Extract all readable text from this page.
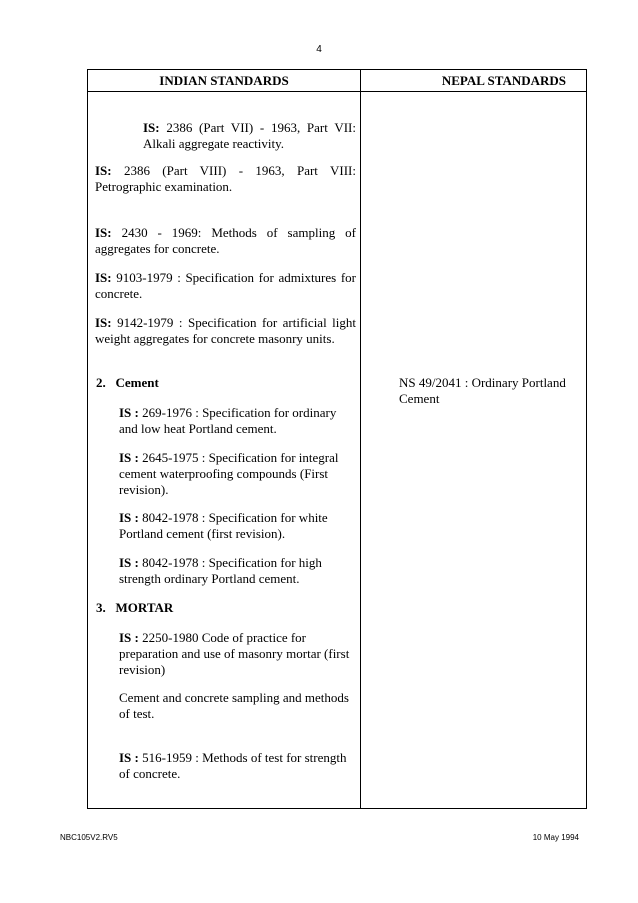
4
INDIAN STANDARDS	NEPAL STANDARDS
IS: 2386 (Part VII) - 1963, Part VII: Alkali aggregate reactivity.
IS: 2386 (Part VIII) - 1963, Part VIII: Petrographic examination.
IS: 2430 - 1969: Methods of sampling of aggregates for concrete.
IS: 9103-1979 : Specification for admixtures for concrete.
IS: 9142-1979 : Specification for artificial light weight aggregates for concrete masonry units.
2. Cement
IS : 269-1976 : Specification for ordinary and low heat Portland cement.
IS : 2645-1975 : Specification for integral cement waterproofing compounds (First revision).
IS : 8042-1978 : Specification for white Portland cement (first revision).
IS : 8042-1978 : Specification for high strength ordinary Portland cement.
3. MORTAR
IS : 2250-1980 Code of practice for preparation and use of masonry mortar (first revision)
Cement and concrete sampling and methods of test.
IS : 516-1959 : Methods of test for strength of concrete.
NS 49/2041 : Ordinary Portland Cement
NBC105V2.RV5	10 May 1994
